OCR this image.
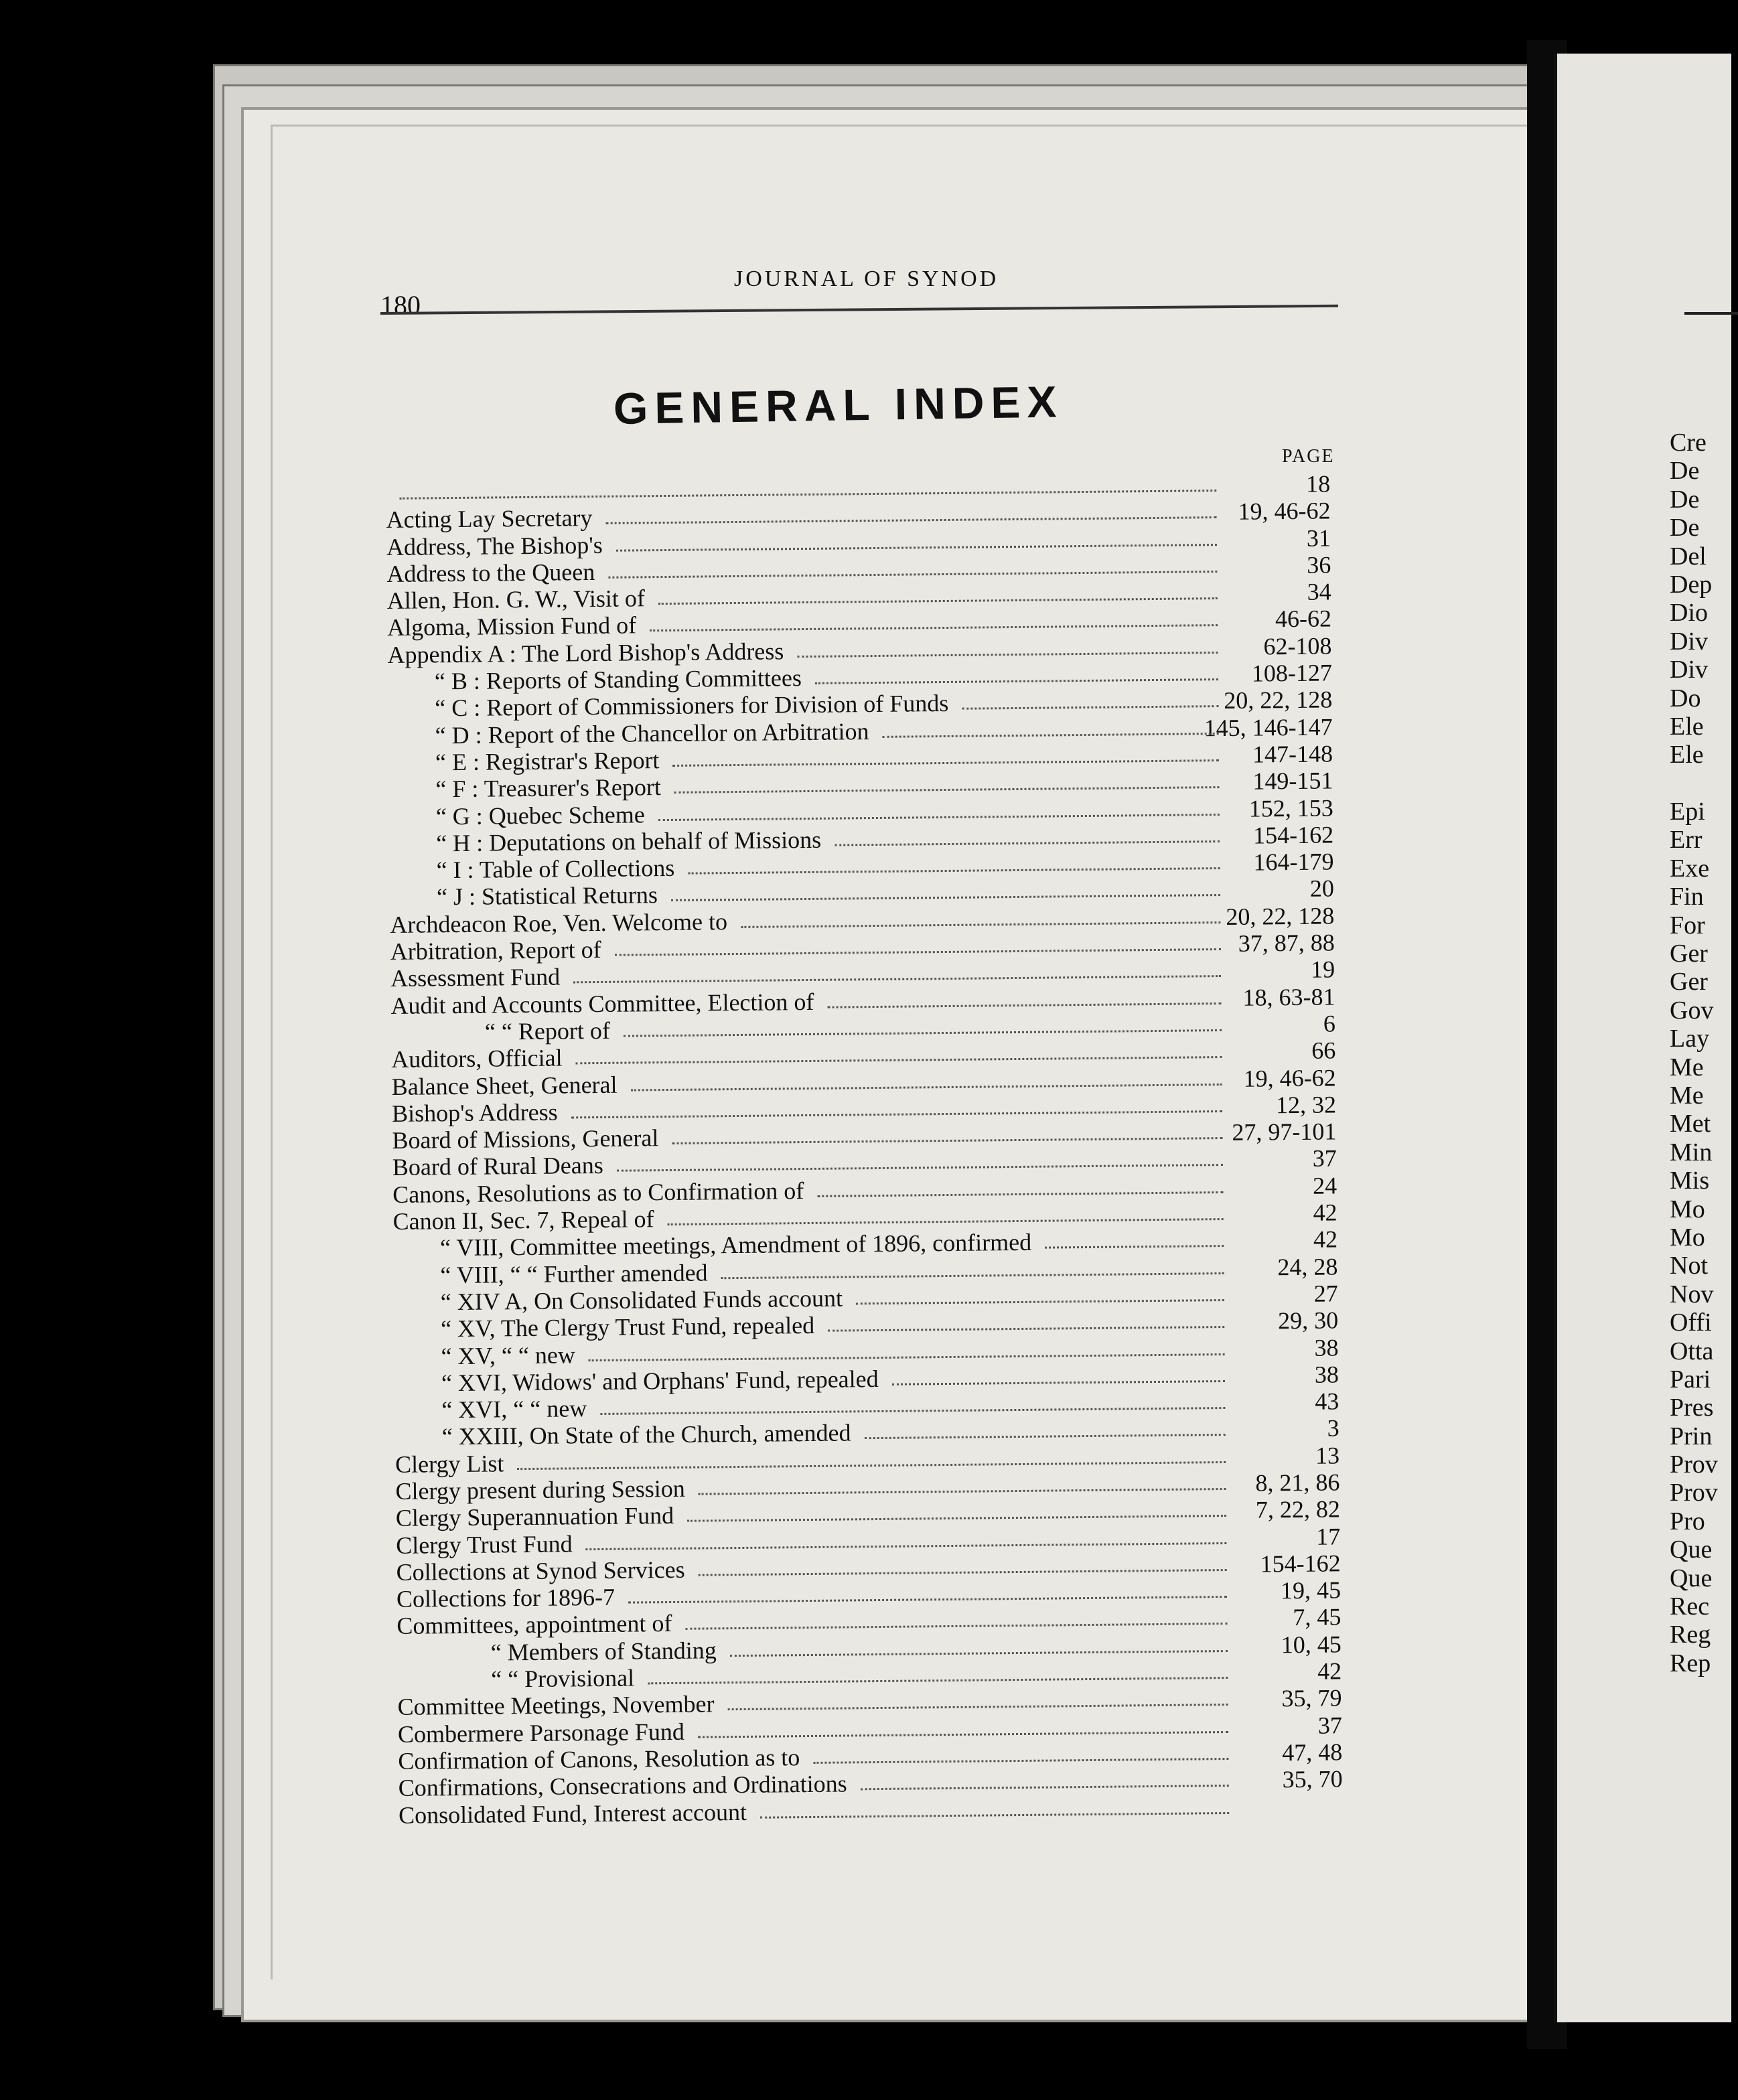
Cre
De
De
De
Del
Dep
Dio
Div
Div
Do
Ele
Ele
Epi
Err
Exe
Fin
For
Ger
Ger
Gov
Lay
Me
Me
Met
Min
Mis
Mo
Mo
Not
Nov
Offi
Otta
Pari
Pres
Prin
Prov
Prov
Pro
Que
Que
Rec
Reg
Rep
180
JOURNAL OF SYNOD
GENERAL INDEX
PAGE
18
Acting Lay Secretary	19, 46-62
Address, The Bishop's	31
Address to the Queen	36
Allen, Hon. G. W., Visit of	34
Algoma, Mission Fund of	46-62
Appendix A : The Lord Bishop's Address	62-108
“ B : Reports of Standing Committees	108-127
“ C : Report of Commissioners for Division of Funds	20, 22, 128
“ D : Report of the Chancellor on Arbitration	145, 146-147
“ E : Registrar's Report	147-148
“ F : Treasurer's Report	149-151
“ G : Quebec Scheme	152, 153
“ H : Deputations on behalf of Missions	154-162
“ I : Table of Collections	164-179
“ J : Statistical Returns	20
Archdeacon Roe, Ven. Welcome to	20, 22, 128
Arbitration, Report of	37, 87, 88
Assessment Fund	19
Audit and Accounts Committee, Election of	18, 63-81
“ “ Report of	6
Auditors, Official	66
Balance Sheet, General	19, 46-62
Bishop's Address	12, 32
Board of Missions, General	27, 97-101
Board of Rural Deans	37
Canons, Resolutions as to Confirmation of	24
Canon II, Sec. 7, Repeal of	42
“ VIII, Committee meetings, Amendment of 1896, confirmed	42
“ VIII, “ “ Further amended	24, 28
“ XIV A, On Consolidated Funds account	27
“ XV, The Clergy Trust Fund, repealed	29, 30
“ XV, “ “ new	38
“ XVI, Widows' and Orphans' Fund, repealed	38
“ XVI, “ “ new	43
“ XXIII, On State of the Church, amended	3
Clergy List	13
Clergy present during Session	8, 21, 86
Clergy Superannuation Fund	7, 22, 82
Clergy Trust Fund	17
Collections at Synod Services	154-162
Collections for 1896-7	19, 45
Committees, appointment of	7, 45
“ Members of Standing	10, 45
“ “ Provisional	42
Committee Meetings, November	35, 79
Combermere Parsonage Fund	37
Confirmation of Canons, Resolution as to	47, 48
Confirmations, Consecrations and Ordinations	35, 70
Consolidated Fund, Interest account
